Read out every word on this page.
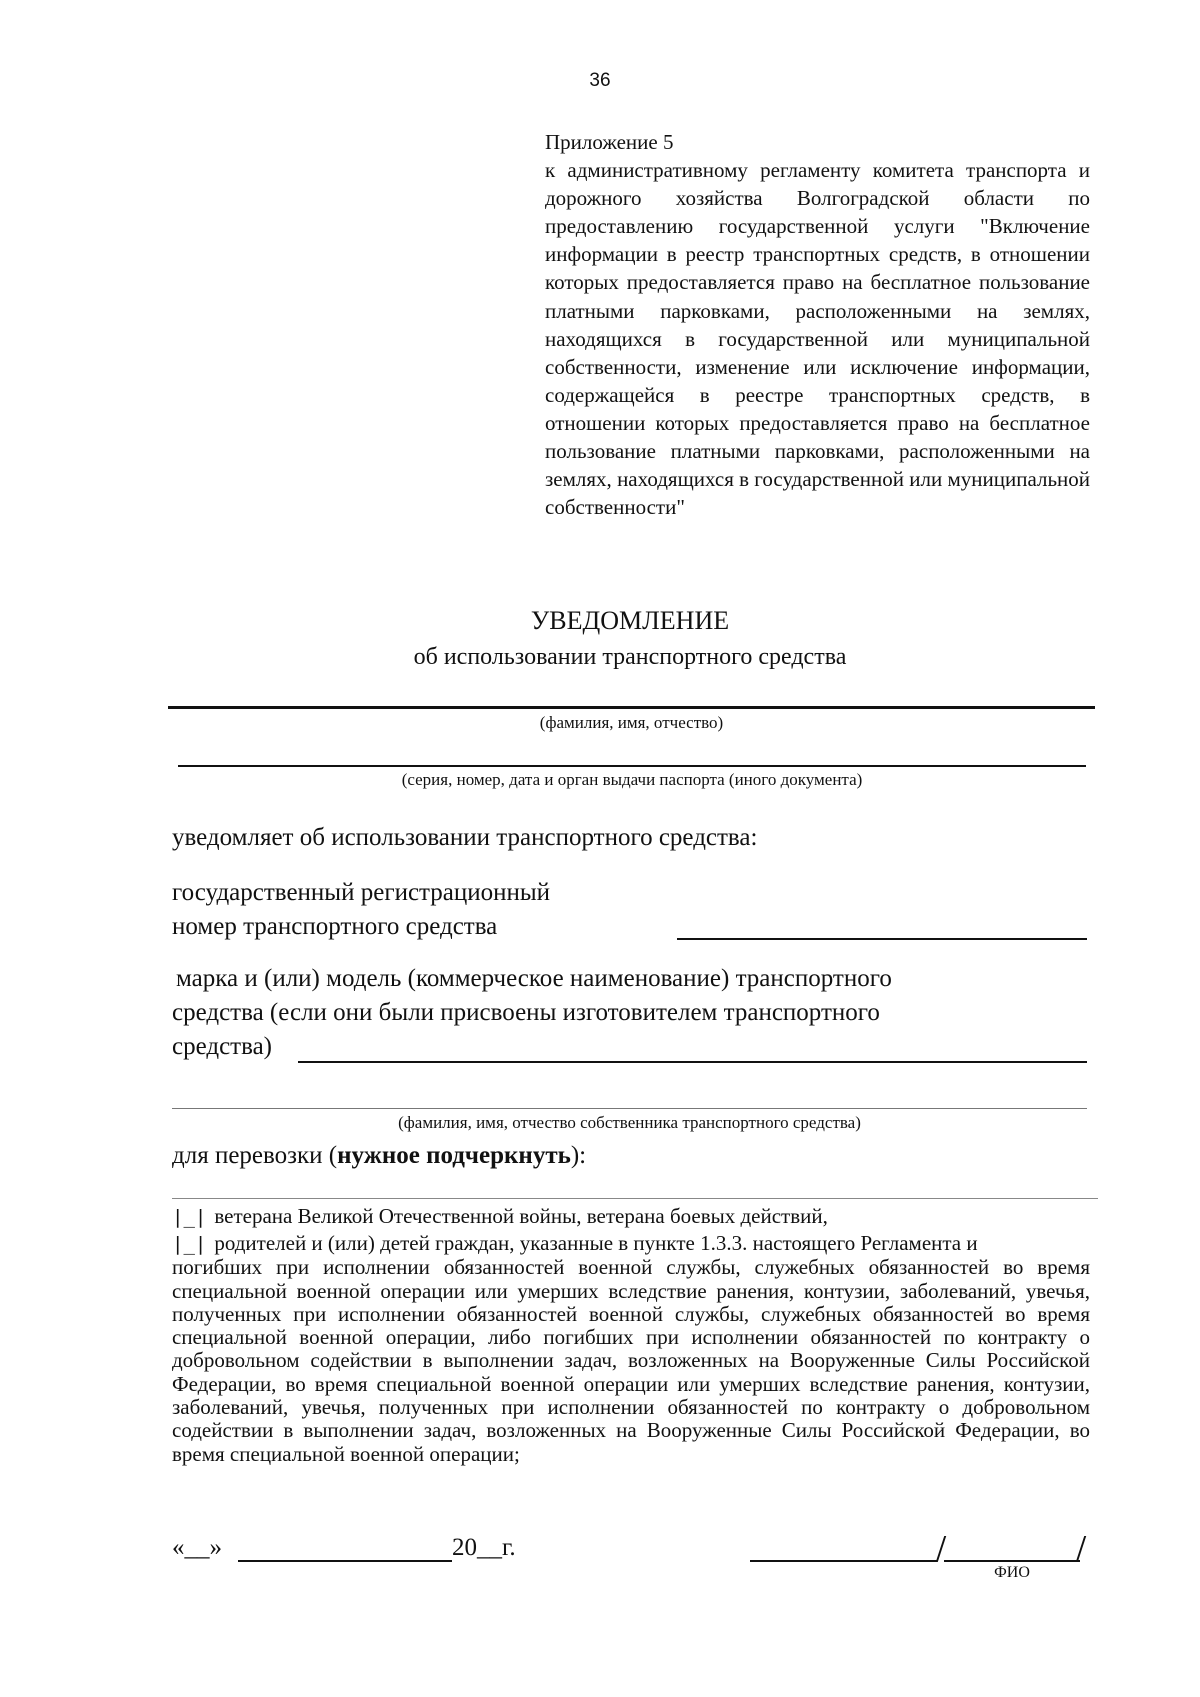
36
Приложение 5
к административному регламенту комитета транспорта и дорожного хозяйства Волгоградской области по предоставлению государственной услуги "Включение информации в реестр транспортных средств, в отношении которых предоставляется право на бесплатное пользование платными парковками, расположенными на землях, находящихся в государственной или муниципальной собственности, изменение или исключение информации, содержащейся в реестре транспортных средств, в отношении которых предоставляется право на бесплатное пользование платными парковками, расположенными на землях, находящихся в государственной или муниципальной собственности"
УВЕДОМЛЕНИЕ
об использовании транспортного средства
(фамилия, имя, отчество)
(серия, номер, дата и орган выдачи паспорта (иного документа)
уведомляет об использовании транспортного средства:
государственный регистрационный
номер транспортного средства
марка и (или) модель (коммерческое наименование) транспортного
средства (если они были присвоены изготовителем транспортного
средства)
(фамилия, имя, отчество собственника транспортного средства)
для перевозки (нужное подчеркнуть):
|_| ветерана Великой Отечественной войны, ветерана боевых действий,
|_| родителей и (или) детей граждан, указанные в пункте 1.3.3. настоящего Регламента и
погибших при исполнении обязанностей военной службы, служебных обязанностей во время специальной военной операции или умерших вследствие ранения, контузии, заболеваний, увечья, полученных при исполнении обязанностей военной службы, служебных обязанностей во время специальной военной операции, либо погибших при исполнении обязанностей по контракту о добровольном содействии в выполнении задач, возложенных на Вооруженные Силы Российской Федерации, во время специальной военной операции или умерших вследствие ранения, контузии, заболеваний, увечья, полученных при исполнении обязанностей по контракту о добровольном содействии в выполнении задач, возложенных на Вооруженные Силы Российской Федерации, во время специальной военной операции;
«__»	20__г.
ФИО
